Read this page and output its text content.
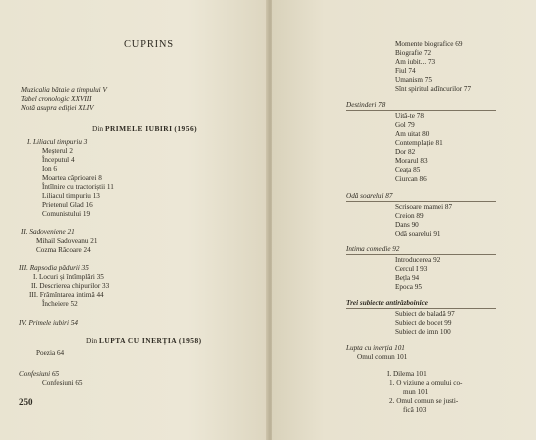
CUPRINS
Muzicalia bătaie a timpului V
Tabel cronologic XXVIII
Notă asupra ediției XLIV
Din PRIMELE IUBIRI (1956)
I. Liliacul timpuriu 3
Meșterul 2
Începutul 4
Ion 6
Moartea căprioarei 8
Întîlnire cu tractoriștii 11
Liliacul timpuriu 13
Prietenul Glad 16
Comunistului 19
II. Sadoveniene 21
Mihail Sadoveanu 21
Cozma Răcoare 24
III. Rapsodia pădurii 35
I. Locuri și întîmplări 35
II. Descrierea chipurilor 33
III. Frămîntarea intimă 44
Încheiere 52
IV. Primele iubiri 54
Din LUPTA CU INERȚIA (1958)
Poezia 64
Confesiuni 65
Confesiuni 65
250
Momente biografice 69
Biografie 72
Am iubit... 73
Fiul 74
Umanism 75
Sînt spiritul adîncurilor 77
Destinderi 78
Uită-te 78
Gol 79
Am uitat 80
Contemplație 81
Dor 82
Morarul 83
Ceața 85
Ciurcan 86
Odă soarelui 87
Scrisoare mamei 87
Creion 89
Dans 90
Odă soarelui 91
Intima comedie 92
Introducerea 92
Cercul I 93
Bețla 94
Epoca 95
Trei subiecte antirăzboinice
Subiect de baladă 97
Subiect de bocet 99
Subiect de imn 100
Lupta cu inerția 101
Omul comun 101
I. Dilema 101
1. O viziune a omului co-
mun 101
2. Omul comun se justi-
fică 103
